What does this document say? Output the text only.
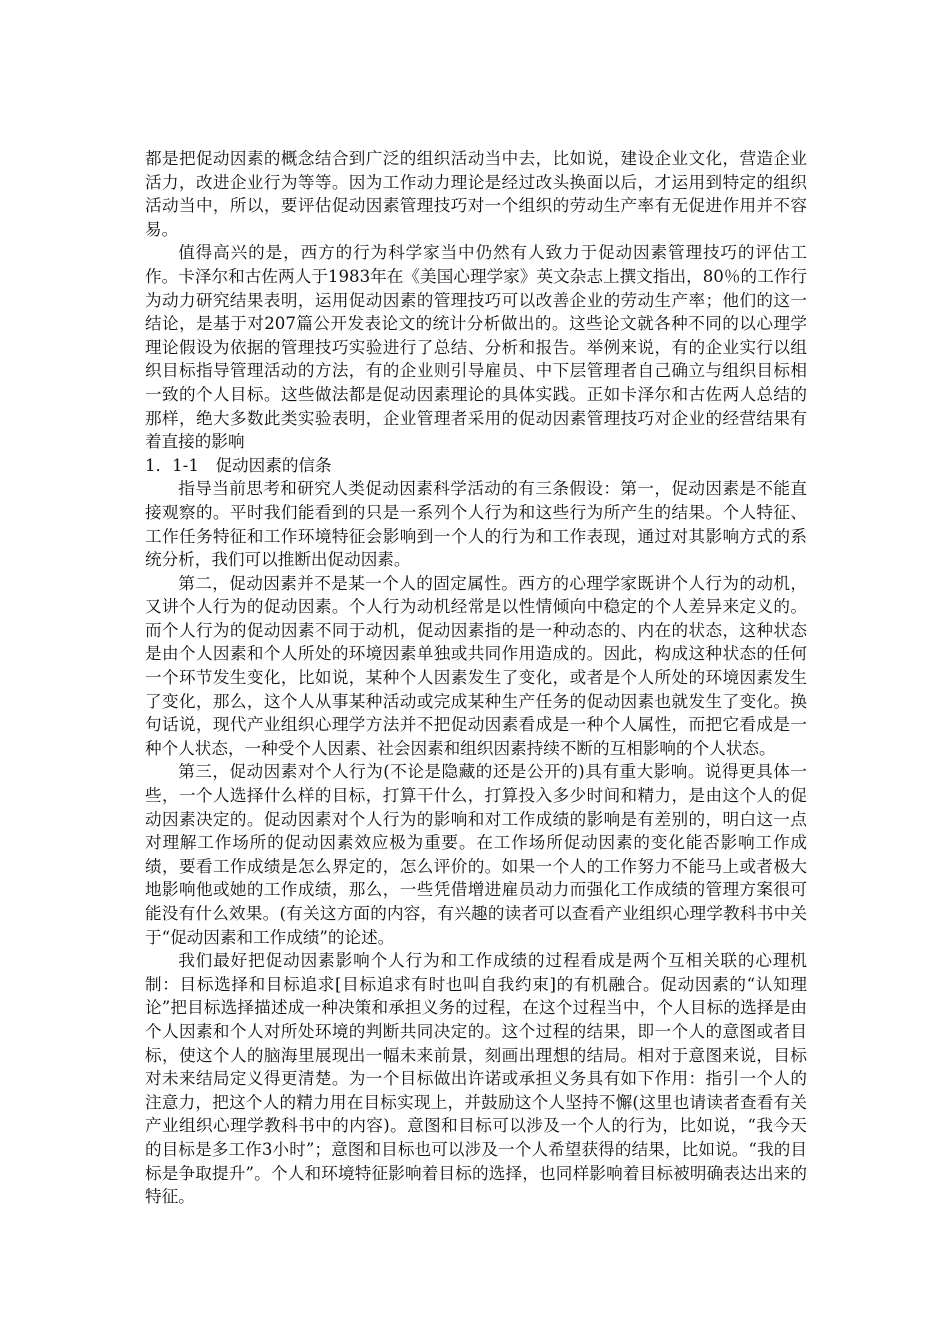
都是把促动因素的概念结合到广泛的组织活动当中去，比如说，建设企业文化，营造企业活力，改进企业行为等等。因为工作动力理论是经过改头换面以后，才运用到特定的组织活动当中，所以，要评估促动因素管理技巧对一个组织的劳动生产率有无促进作用并不容易。

值得高兴的是，西方的行为科学家当中仍然有人致力于促动因素管理技巧的评估工作。卡泽尔和古佐两人于1983年在《美国心理学家》英文杂志上撰文指出，80％的工作行为动力研究结果表明，运用促动因素的管理技巧可以改善企业的劳动生产率；他们的这一结论，是基于对207篇公开发表论文的统计分析做出的。这些论文就各种不同的以心理学理论假设为依据的管理技巧实验进行了总结、分析和报告。举例来说，有的企业实行以组织目标指导管理活动的方法，有的企业则引导雇员、中下层管理者自己确立与组织目标相一致的个人目标。这些做法都是促动因素理论的具体实践。正如卡泽尔和古佐两人总结的那样，绝大多数此类实验表明，企业管理者采用的促动因素管理技巧对企业的经营结果有着直接的影响

1．1-1　促动因素的信条

指导当前思考和研究人类促动因素科学活动的有三条假设：第一，促动因素是不能直接观察的。平时我们能看到的只是一系列个人行为和这些行为所产生的结果。个人特征、工作任务特征和工作环境特征会影响到一个人的行为和工作表现，通过对其影响方式的系统分析，我们可以推断出促动因素。

第二，促动因素并不是某一个人的固定属性。西方的心理学家既讲个人行为的动机，又讲个人行为的促动因素。个人行为动机经常是以性情倾向中稳定的个人差异来定义的。而个人行为的促动因素不同于动机，促动因素指的是一种动态的、内在的状态，这种状态是由个人因素和个人所处的环境因素单独或共同作用造成的。因此，构成这种状态的任何一个环节发生变化，比如说，某种个人因素发生了变化，或者是个人所处的环境因素发生了变化，那么，这个人从事某种活动或完成某种生产任务的促动因素也就发生了变化。换句话说，现代产业组织心理学方法并不把促动因素看成是一种个人属性，而把它看成是一种个人状态，一种受个人因素、社会因素和组织因素持续不断的互相影响的个人状态。

第三，促动因素对个人行为(不论是隐藏的还是公开的)具有重大影响。说得更具体一些，一个人选择什么样的目标，打算干什么，打算投入多少时间和精力，是由这个人的促动因素决定的。促动因素对个人行为的影响和对工作成绩的影响是有差别的，明白这一点对理解工作场所的促动因素效应极为重要。在工作场所促动因素的变化能否影响工作成绩，要看工作成绩是怎么界定的，怎么评价的。如果一个人的工作努力不能马上或者极大地影响他或她的工作成绩，那么，一些凭借增进雇员动力而强化工作成绩的管理方案很可能没有什么效果。(有关这方面的内容，有兴趣的读者可以查看产业组织心理学教科书中关于“促动因素和工作成绩”的论述。

我们最好把促动因素影响个人行为和工作成绩的过程看成是两个互相关联的心理机制：目标选择和目标追求[目标追求有时也叫自我约束]的有机融合。促动因素的“认知理论”把目标选择描述成一种决策和承担义务的过程，在这个过程当中，个人目标的选择是由个人因素和个人对所处环境的判断共同决定的。这个过程的结果，即一个人的意图或者目标，使这个人的脑海里展现出一幅未来前景，刻画出理想的结局。相对于意图来说，目标对未来结局定义得更清楚。为一个目标做出许诺或承担义务具有如下作用：指引一个人的注意力，把这个人的精力用在目标实现上，并鼓励这个人坚持不懈(这里也请读者查看有关产业组织心理学教科书中的内容)。意图和目标可以涉及一个人的行为，比如说，“我今天的目标是多工作3小时”；意图和目标也可以涉及一个人希望获得的结果，比如说。“我的目标是争取提升”。个人和环境特征影响着目标的选择，也同样影响着目标被明确表达出来的特征。
